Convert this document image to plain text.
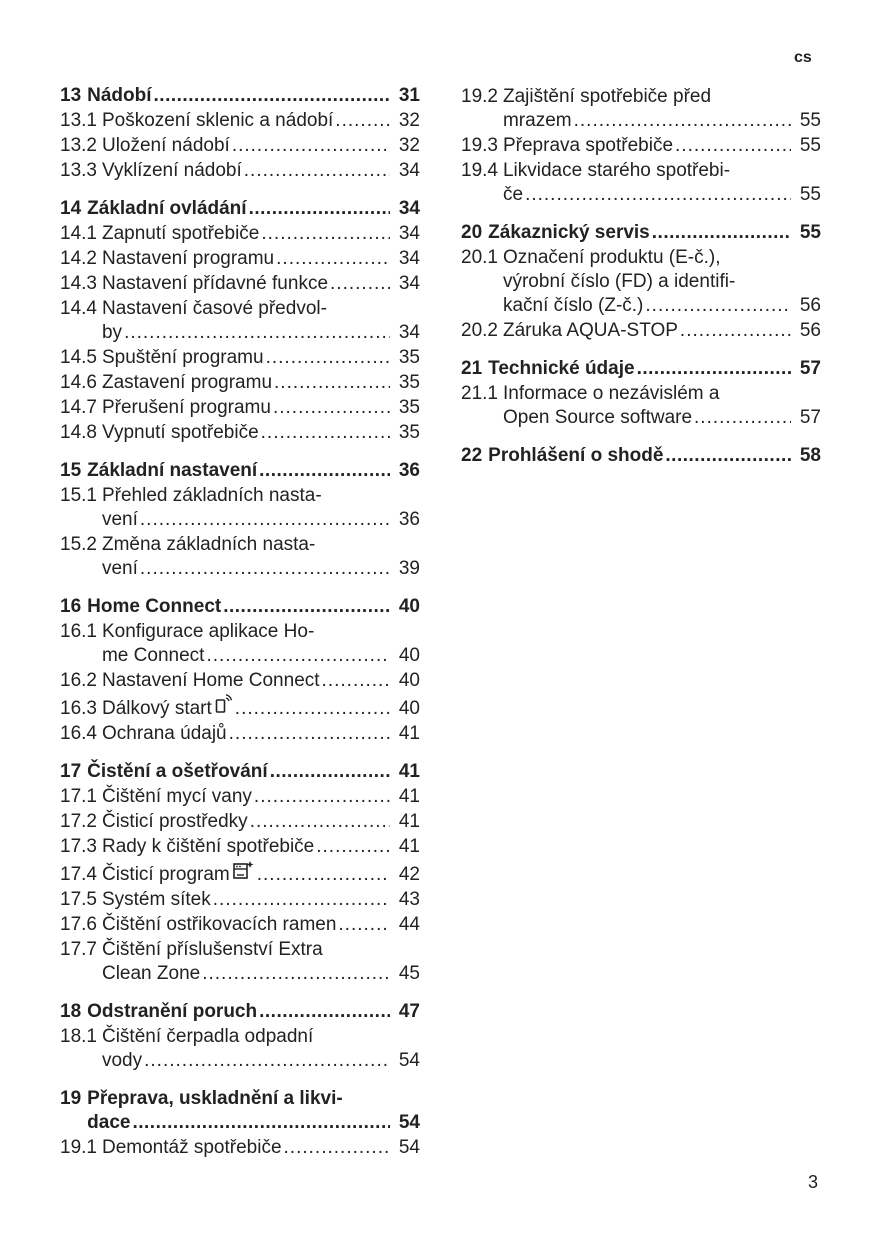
cs
13 Nádobí .....	31
13.1 Poškození sklenic a nádobí .....	32
13.2 Uložení nádobí .....	32
13.3 Vyklízení nádobí .....	34
14 Základní ovládání .....	34
14.1 Zapnutí spotřebiče .....	34
14.2 Nastavení programu .....	34
14.3 Nastavení přídavné funkce .....	34
14.4 Nastavení časové předvol-
by .....	34
14.5 Spuštění programu .....	35
14.6 Zastavení programu .....	35
14.7 Přerušení programu .....	35
14.8 Vypnutí spotřebiče .....	35
15 Základní nastavení .....	36
15.1 Přehled základních nasta-
vení .....	36
15.2 Změna základních nasta-
vení .....	39
16 Home Connect .....	40
16.1 Konfigurace aplikace Ho-
me Connect .....	40
16.2 Nastavení Home Connect .....	40
16.3 Dálkový start .....	40
16.4 Ochrana údajů .....	41
17 Čistění a ošetřování .....	41
17.1 Čištění mycí vany .....	41
17.2 Čisticí prostředky .....	41
17.3 Rady k čištění spotřebiče .....	41
17.4 Čisticí program .....	42
17.5 Systém sítek .....	43
17.6 Čištění ostřikovacích ramen .....	44
17.7 Čištění příslušenství Extra
Clean Zone .....	45
18 Odstranění poruch .....	47
18.1 Čištění čerpadla odpadní
vody .....	54
19 Přeprava, uskladnění a likvi-
dace .....	54
19.1 Demontáž spotřebiče .....	54
19.2 Zajištění spotřebiče před
mrazem .....	55
19.3 Přeprava spotřebiče .....	55
19.4 Likvidace starého spotřebi-
če .....	55
20 Zákaznický servis .....	55
20.1 Označení produktu (E-č.),
výrobní číslo (FD) a identifi-
kační číslo (Z-č.) .....	56
20.2 Záruka AQUA-STOP .....	56
21 Technické údaje .....	57
21.1 Informace o nezávislém a
Open Source software .....	57
22 Prohlášení o shodě .....	58
3
